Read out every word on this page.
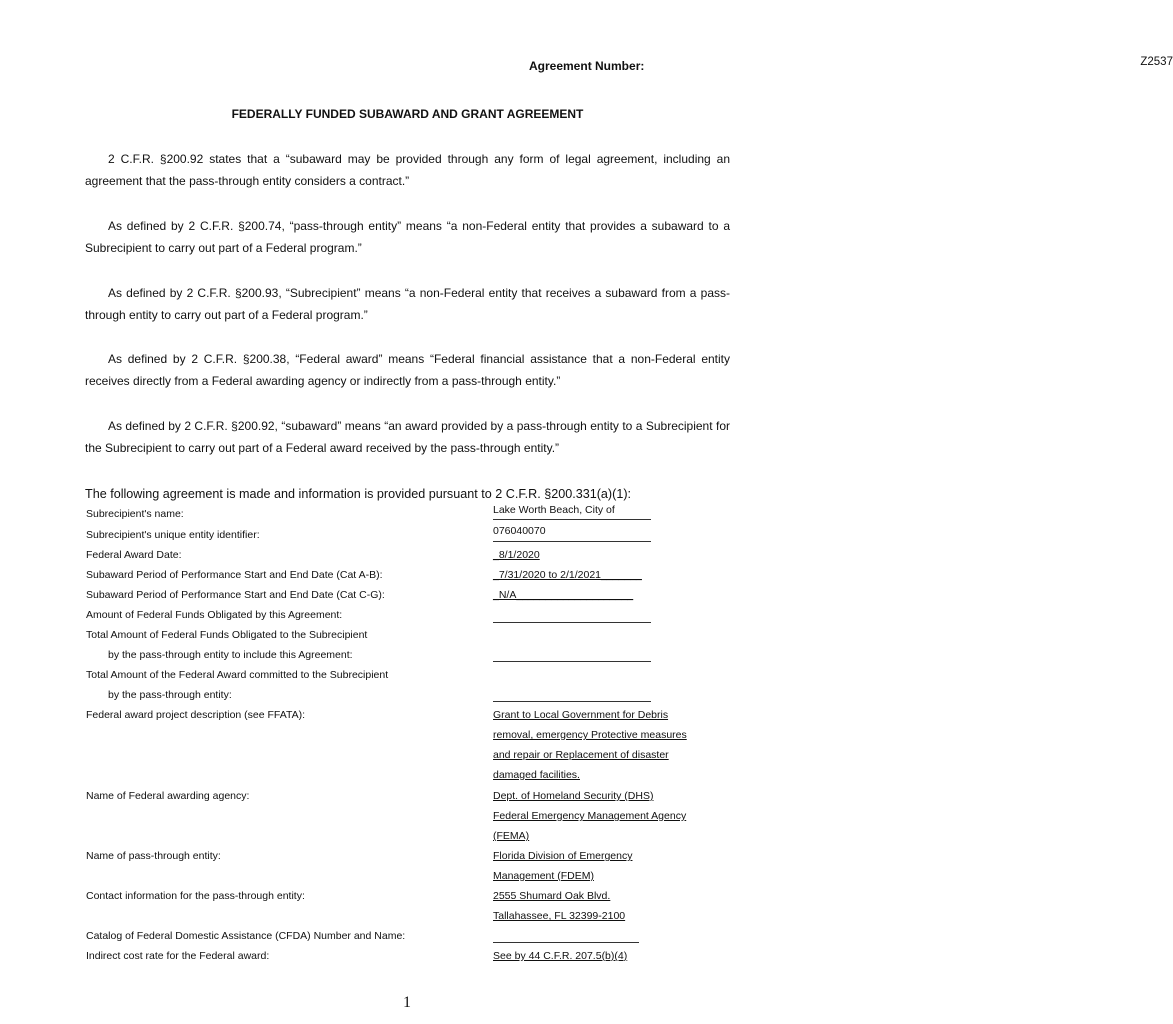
Agreement Number:	Z2537
FEDERALLY FUNDED SUBAWARD AND GRANT AGREEMENT

2 C.F.R. §200.92 states that a “subaward may be provided through any form of legal agreement, including an agreement that the pass-through entity considers a contract.”

As defined by 2 C.F.R. §200.74, “pass-through entity” means “a non-Federal entity that provides a subaward to a Subrecipient to carry out part of a Federal program.”

As defined by 2 C.F.R. §200.93, “Subrecipient” means “a non-Federal entity that receives a subaward from a pass-through entity to carry out part of a Federal program.”

As defined by 2 C.F.R. §200.38, “Federal award” means “Federal financial assistance that a non-Federal entity receives directly from a Federal awarding agency or indirectly from a pass-through entity.”

As defined by 2 C.F.R. §200.92, “subaward” means “an award provided by a pass-through entity to a Subrecipient for the Subrecipient to carry out part of a Federal award received by the pass-through entity.”

The following agreement is made and information is provided pursuant to 2 C.F.R. §200.331(a)(1):
Subrecipient's name:	Lake Worth Beach, City of
Subrecipient's unique entity identifier:	076040070
Federal Award Date:	_8/1/2020
Subaward Period of Performance Start and End Date (Cat A-B):	_7/31/2020 to 2/1/2021_______
Subaward Period of Performance Start and End Date (Cat C-G):	_N/A____________________
Amount of Federal Funds Obligated by this Agreement:
Total Amount of Federal Funds Obligated to the Subrecipient
by the pass-through entity to include this Agreement:
Total Amount of the Federal Award committed to the Subrecipient
by the pass-through entity:
Federal award project description (see FFATA):	Grant to Local Government for Debris
removal, emergency Protective measures
and repair or Replacement of disaster
damaged facilities.
Name of Federal awarding agency:	Dept. of Homeland Security (DHS)
Federal Emergency Management Agency
(FEMA)
Name of pass-through entity:	Florida Division of Emergency
Management (FDEM)
Contact information for the pass-through entity:	2555 Shumard Oak Blvd.
Tallahassee, FL 32399-2100
Catalog of Federal Domestic Assistance (CFDA) Number and Name:
Indirect cost rate for the Federal award:	See by 44 C.F.R. 207.5(b)(4)
1
